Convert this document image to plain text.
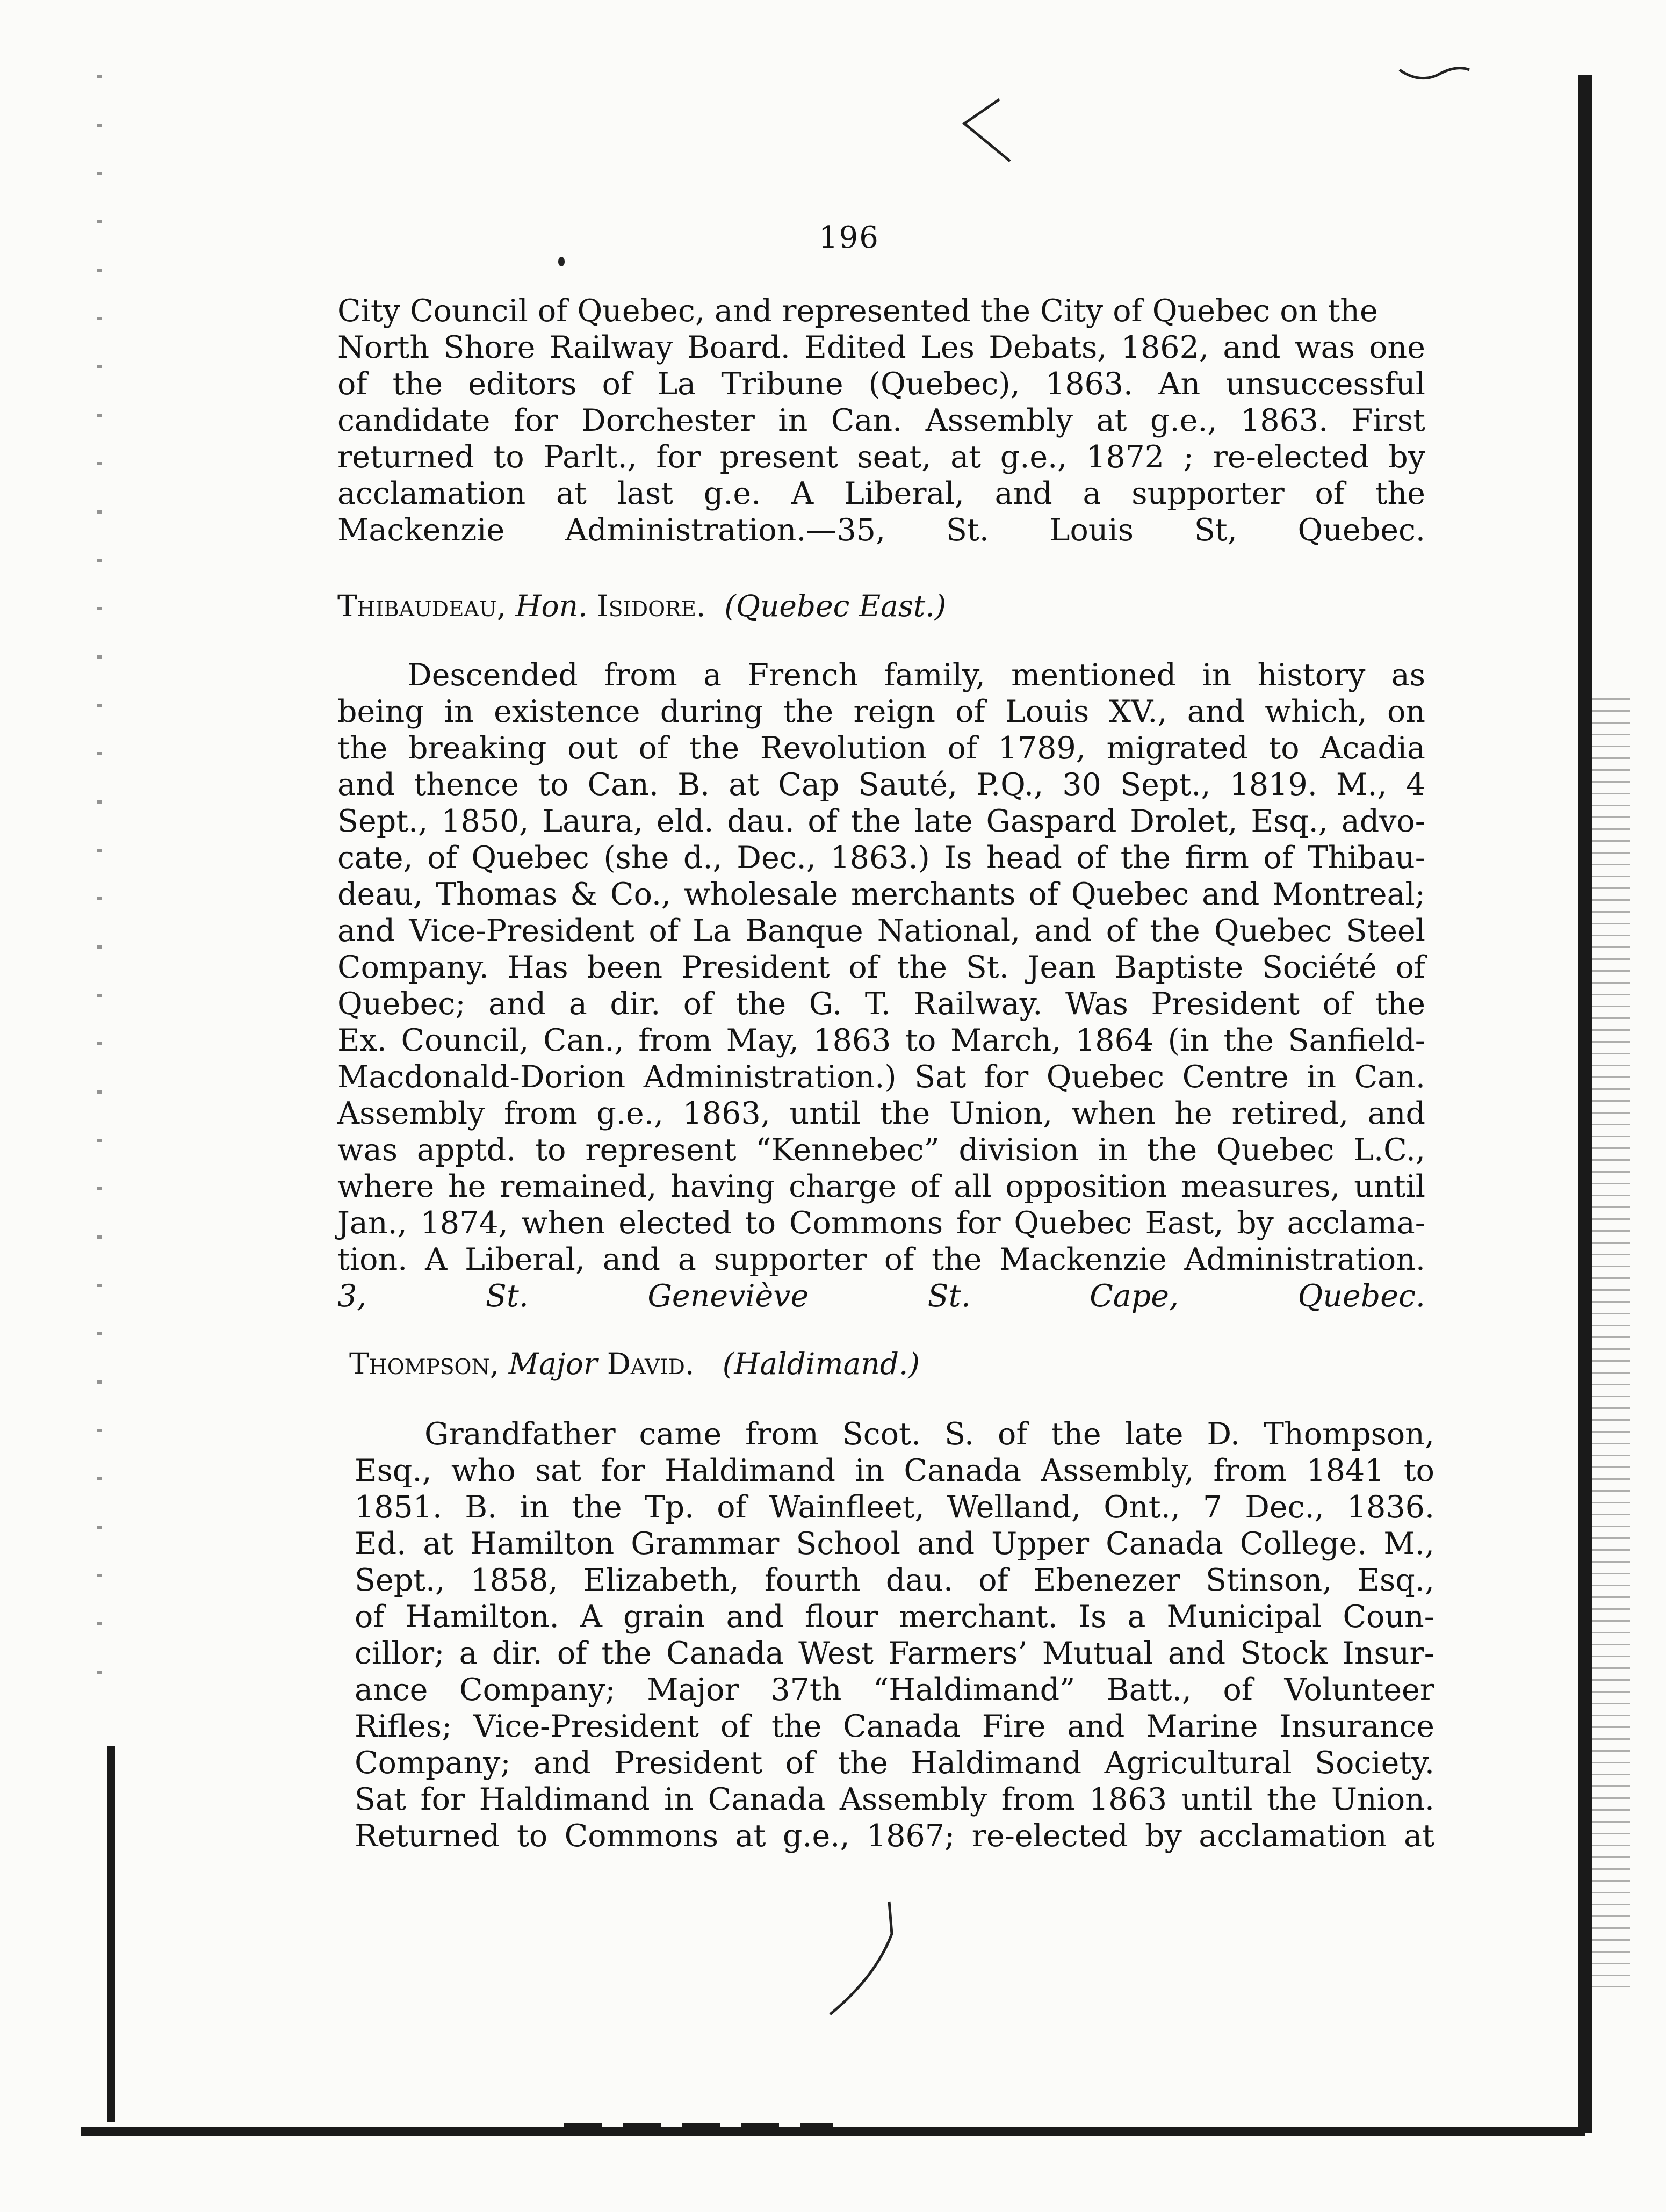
196
City Council of Quebec, and represented the City of Quebec on the
North Shore Railway Board. Edited Les Debats, 1862, and was one
of the editors of La Tribune (Quebec), 1863. An unsuccessful
candidate for Dorchester in Can. Assembly at g.e., 1863. First
returned to Parlt., for present seat, at g.e., 1872 ; re-elected by
acclamation at last g.e. A Liberal, and a supporter of the
Mackenzie Administration.—35, St. Louis St, Quebec.
Thibaudeau, Hon. Isidore. (Quebec East.)
Descended from a French family, mentioned in history as
being in existence during the reign of Louis XV., and which, on
the breaking out of the Revolution of 1789, migrated to Acadia
and thence to Can. B. at Cap Sauté, P.Q., 30 Sept., 1819. M., 4
Sept., 1850, Laura, eld. dau. of the late Gaspard Drolet, Esq., advo-
cate, of Quebec (she d., Dec., 1863.) Is head of the firm of Thibau-
deau, Thomas & Co., wholesale merchants of Quebec and Montreal;
and Vice-President of La Banque National, and of the Quebec Steel
Company. Has been President of the St. Jean Baptiste Société of
Quebec; and a dir. of the G. T. Railway. Was President of the
Ex. Council, Can., from May, 1863 to March, 1864 (in the Sanfield-
Macdonald-Dorion Administration.) Sat for Quebec Centre in Can.
Assembly from g.e., 1863, until the Union, when he retired, and
was apptd. to represent “Kennebec” division in the Quebec L.C.,
where he remained, having charge of all opposition measures, until
Jan., 1874, when elected to Commons for Quebec East, by acclama-
tion. A Liberal, and a supporter of the Mackenzie Administration.
3, St. Geneviève St. Cape, Quebec.
Thompson, Major David. (Haldimand.)
Grandfather came from Scot. S. of the late D. Thompson,
Esq., who sat for Haldimand in Canada Assembly, from 1841 to
1851. B. in the Tp. of Wainfleet, Welland, Ont., 7 Dec., 1836.
Ed. at Hamilton Grammar School and Upper Canada College. M.,
Sept., 1858, Elizabeth, fourth dau. of Ebenezer Stinson, Esq.,
of Hamilton. A grain and flour merchant. Is a Municipal Coun-
cillor; a dir. of the Canada West Farmers’ Mutual and Stock Insur-
ance Company; Major 37th “Haldimand” Batt., of Volunteer
Rifles; Vice-President of the Canada Fire and Marine Insurance
Company; and President of the Haldimand Agricultural Society.
Sat for Haldimand in Canada Assembly from 1863 until the Union.
Returned to Commons at g.e., 1867; re-elected by acclamation at
